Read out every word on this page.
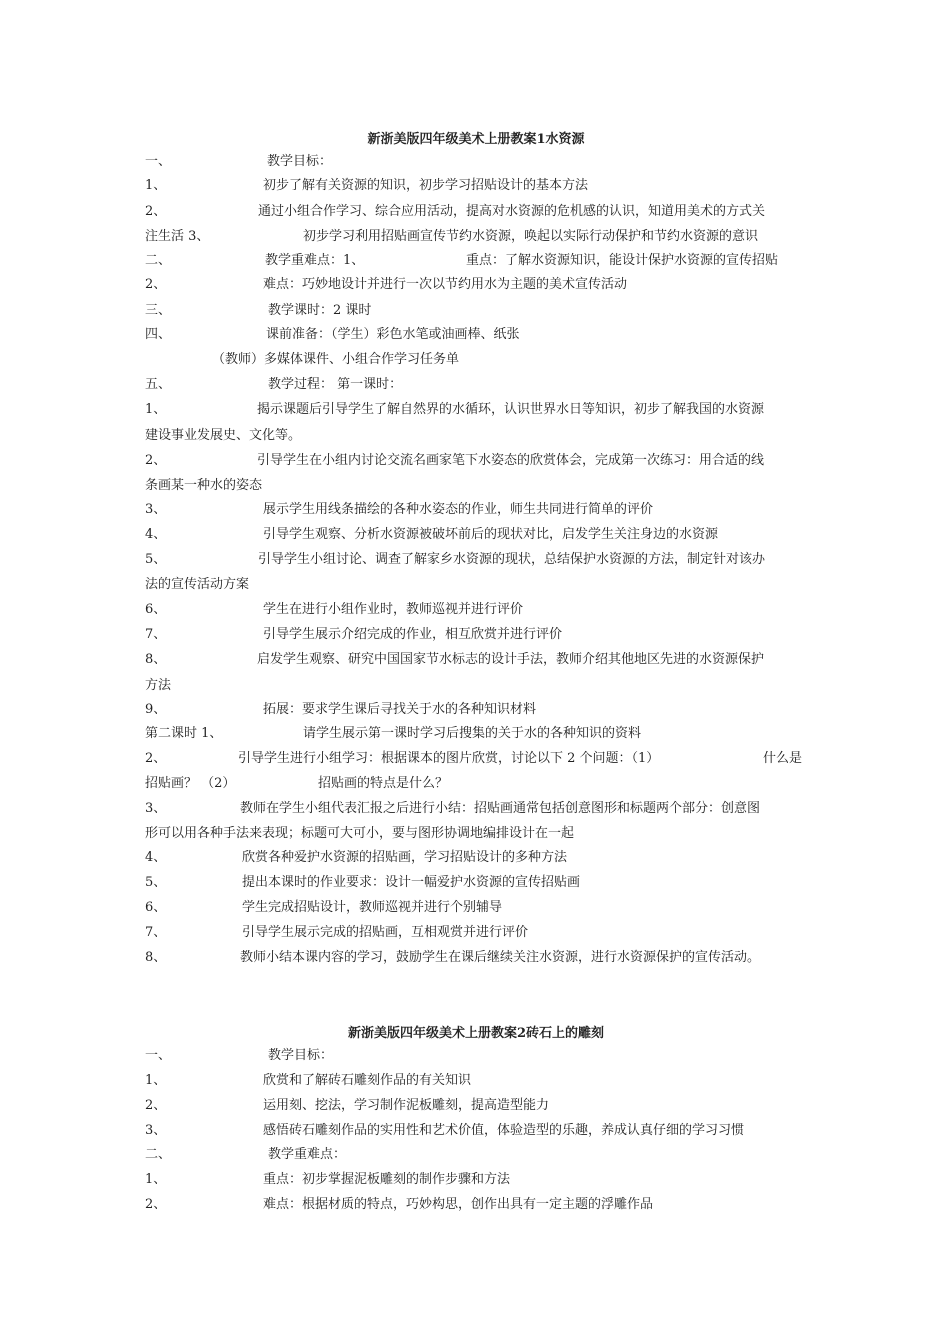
新浙美版四年级美术上册教案1水资源
一、	教学目标：
1、	初步了解有关资源的知识，初步学习招贴设计的基本方法
2、	通过小组合作学习、综合应用活动，提高对水资源的危机感的认识，知道用美术的方式关
注生活 3、	初步学习利用招贴画宣传节约水资源，唤起以实际行动保护和节约水资源的意识
二、	教学重难点：1、	重点：了解水资源知识，能设计保护水资源的宣传招贴
2、	难点：巧妙地设计并进行一次以节约用水为主题的美术宣传活动
三、	教学课时：2 课时
四、	课前准备：（学生）彩色水笔或油画棒、纸张
（教师）多媒体课件、小组合作学习任务单
五、	教学过程： 第一课时：
1、	揭示课题后引导学生了解自然界的水循环，认识世界水日等知识，初步了解我国的水资源
建设事业发展史、文化等。
2、	引导学生在小组内讨论交流名画家笔下水姿态的欣赏体会，完成第一次练习：用合适的线
条画某一种水的姿态
3、	展示学生用线条描绘的各种水姿态的作业，师生共同进行简单的评价
4、	引导学生观察、分析水资源被破坏前后的现状对比，启发学生关注身边的水资源
5、	引导学生小组讨论、调查了解家乡水资源的现状，总结保护水资源的方法，制定针对该办
法的宣传活动方案
6、	学生在进行小组作业时，教师巡视并进行评价
7、	引导学生展示介绍完成的作业，相互欣赏并进行评价
8、	启发学生观察、研究中国国家节水标志的设计手法，教师介绍其他地区先进的水资源保护
方法
9、	拓展：要求学生课后寻找关于水的各种知识材料
第二课时 1、	请学生展示第一课时学习后搜集的关于水的各种知识的资料
2、	引导学生进行小组学习：根据课本的图片欣赏，讨论以下 2 个问题：（1）	什么是
招贴画？ （2）	招贴画的特点是什么？
3、	教师在学生小组代表汇报之后进行小结：招贴画通常包括创意图形和标题两个部分：创意图
形可以用各种手法来表现；标题可大可小，要与图形协调地编排设计在一起
4、	欣赏各种爱护水资源的招贴画，学习招贴设计的多种方法
5、	提出本课时的作业要求：设计一幅爱护水资源的宣传招贴画
6、	学生完成招贴设计，教师巡视并进行个别辅导
7、	引导学生展示完成的招贴画，互相观赏并进行评价
8、	教师小结本课内容的学习，鼓励学生在课后继续关注水资源，进行水资源保护的宣传活动。
新浙美版四年级美术上册教案2砖石上的雕刻
一、	教学目标：
1、	欣赏和了解砖石雕刻作品的有关知识
2、	运用刻、挖法，学习制作泥板雕刻，提高造型能力
3、	感悟砖石雕刻作品的实用性和艺术价值，体验造型的乐趣，养成认真仔细的学习习惯
二、	教学重难点：
1、	重点：初步掌握泥板雕刻的制作步骤和方法
2、	难点：根据材质的特点，巧妙构思，创作出具有一定主题的浮雕作品
